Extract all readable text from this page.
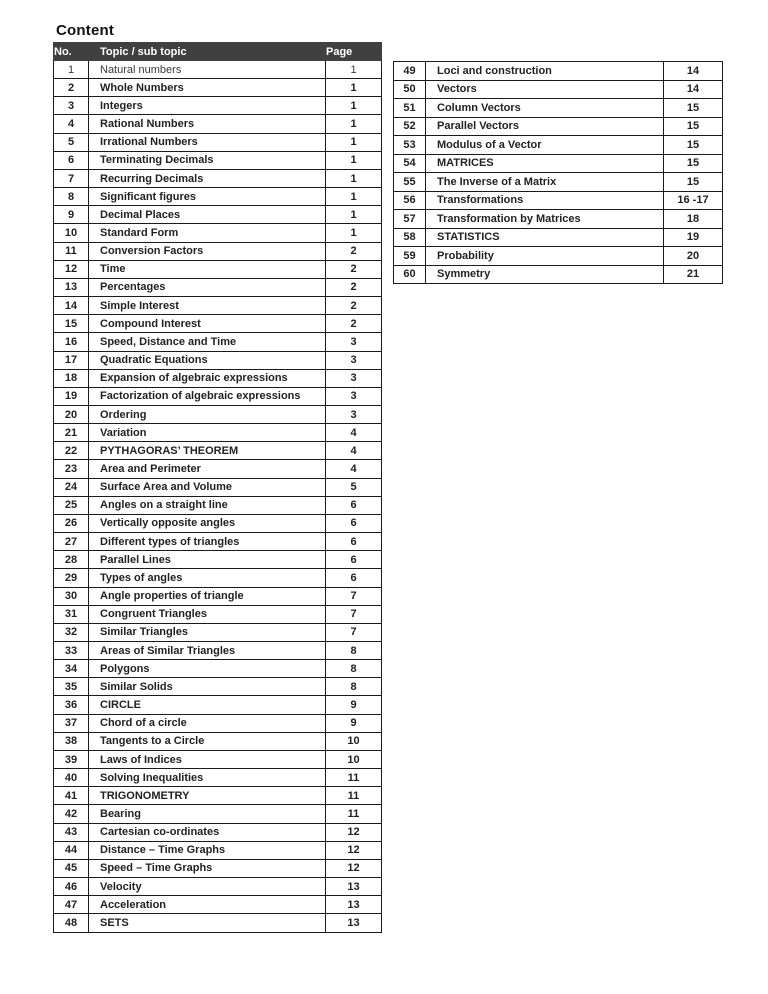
Content
No.	Topic / sub topic	Page
1	Natural numbers	1
2	Whole Numbers	1
3	Integers	1
4	Rational Numbers	1
5	Irrational Numbers	1
6	Terminating Decimals	1
7	Recurring Decimals	1
8	Significant figures	1
9	Decimal Places	1
10	Standard Form	1
11	Conversion Factors	2
12	Time	2
13	Percentages	2
14	Simple Interest	2
15	Compound Interest	2
16	Speed, Distance and Time	3
17	Quadratic Equations	3
18	Expansion of algebraic expressions	3
19	Factorization of algebraic expressions	3
20	Ordering	3
21	Variation	4
22	PYTHAGORAS’ THEOREM	4
23	Area and Perimeter	4
24	Surface Area and Volume	5
25	Angles on a straight line	6
26	Vertically opposite angles	6
27	Different types of triangles	6
28	Parallel Lines	6
29	Types of angles	6
30	Angle properties of triangle	7
31	Congruent Triangles	7
32	Similar Triangles	7
33	Areas of Similar Triangles	8
34	Polygons	8
35	Similar Solids	8
36	CIRCLE	9
37	Chord of a circle	9
38	Tangents to a Circle	10
39	Laws of Indices	10
40	Solving Inequalities	11
41	TRIGONOMETRY	11
42	Bearing	11
43	Cartesian co-ordinates	12
44	Distance – Time Graphs	12
45	Speed – Time Graphs	12
46	Velocity	13
47	Acceleration	13
48	SETS	13
49	Loci and construction	14
50	Vectors	14
51	Column Vectors	15
52	Parallel Vectors	15
53	Modulus of a Vector	15
54	MATRICES	15
55	The Inverse of a Matrix	15
56	Transformations	16 -17
57	Transformation by Matrices	18
58	STATISTICS	19
59	Probability	20
60	Symmetry	21
